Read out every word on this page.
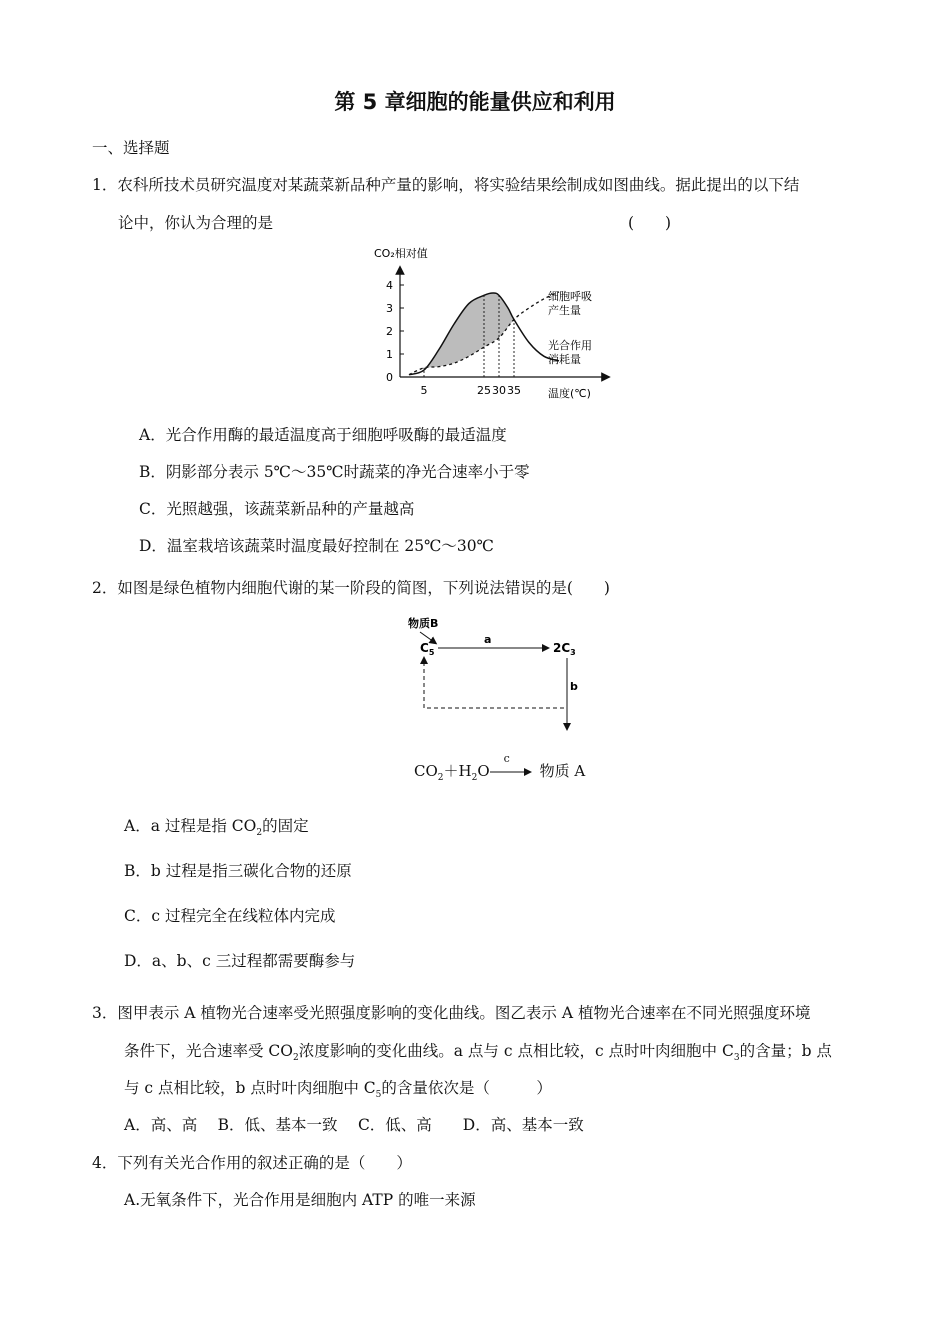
第 5 章细胞的能量供应和利用
一、选择题
1．农科所技术员研究温度对某蔬菜新品种产量的影响，将实验结果绘制成如图曲线。据此提出的以下结
论中，你认为合理的是	(　　)
4
3
2
1
0
5	25 30 35
CO₂相对值
温度(℃)
细胞呼吸
产生量
光合作用
消耗量
A．光合作用酶的最适温度高于细胞呼吸酶的最适温度
B．阴影部分表示 5℃～35℃时蔬菜的净光合速率小于零
C．光照越强，该蔬菜新品种的产量越高
D．温室栽培该蔬菜时温度最好控制在 25℃～30℃
2．如图是绿色植物内细胞代谢的某一阶段的简图，下列说法错误的是(　　)
物质B
$C_5$
a
$2C_3$
b
$CO_2+H_2O$
c
物质 A
A．a 过程是指 $CO_2$的固定
B．b 过程是指三碳化合物的还原
C．c 过程完全在线粒体内完成
D．a、b、c 三过程都需要酶参与
3．图甲表示 A 植物光合速率受光照强度影响的变化曲线。图乙表示 A 植物光合速率在不同光照强度环境
条件下，光合速率受 $CO_2$浓度影响的变化曲线。a 点与 c 点相比较，c 点时叶肉细胞中 $C_3$的含量；b 点
与 c 点相比较，b 点时叶肉细胞中 $C_5$的含量依次是（　　　）
A．高、高　 B．低、基本一致　 C．低、高　　D．高、基本一致
4．下列有关光合作用的叙述正确的是（　　）
A.无氧条件下，光合作用是细胞内 ATP 的唯一来源
